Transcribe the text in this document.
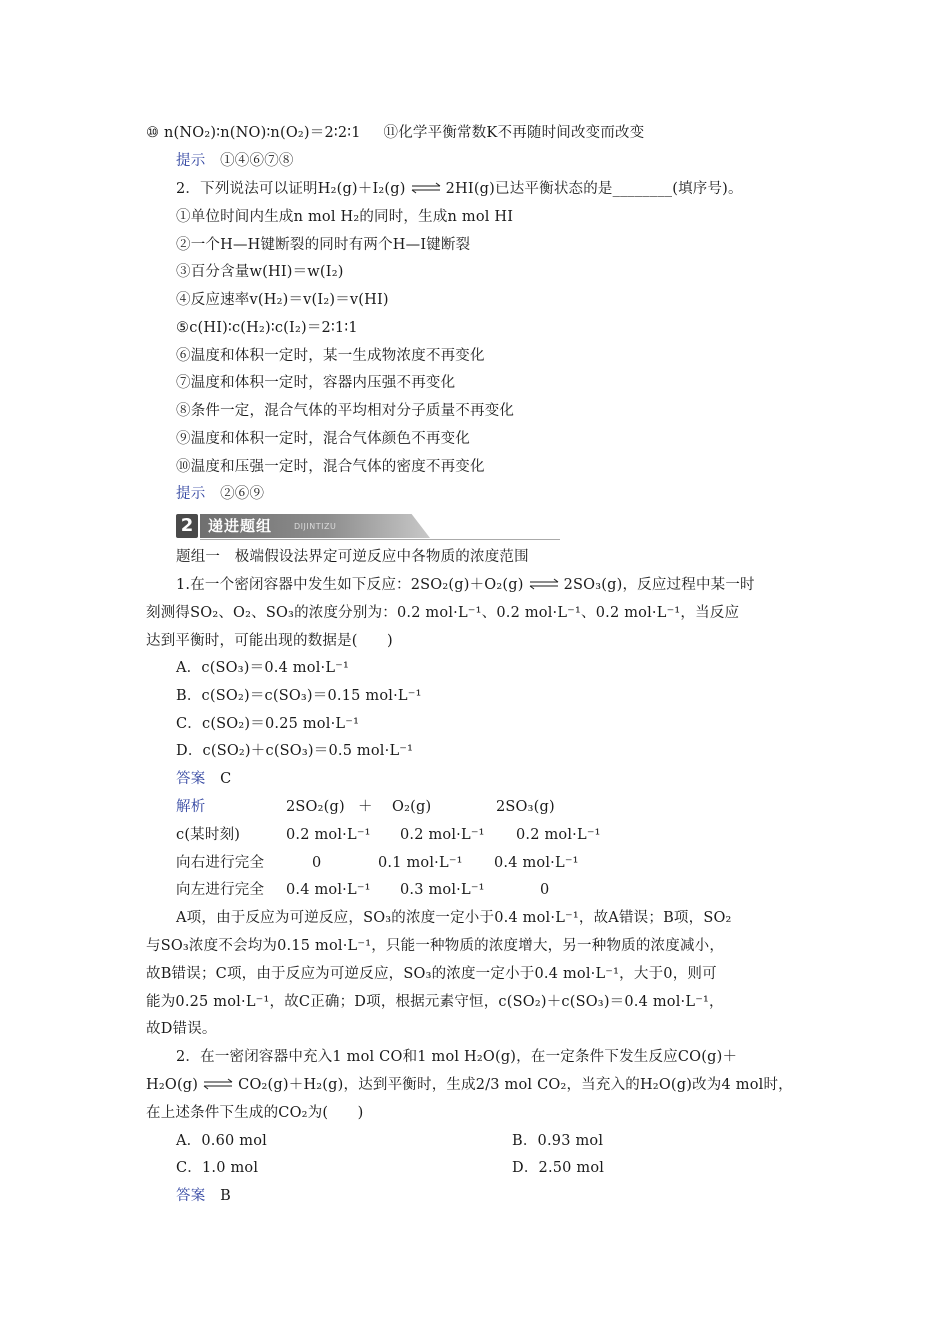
⑩ n(NO₂)∶n(NO)∶n(O₂)＝2∶2∶1 ⑪化学平衡常数K不再随时间改变而改变
提示　 ①④⑥⑦⑧
2．下列说法可以证明H₂(g)＋I₂(g)⇌2HI(g)已达平衡状态的是________(填序号)。
①单位时间内生成n mol H₂的同时，生成n mol HI
②一个H—H键断裂的同时有两个H—I键断裂
③百分含量w(HI)＝w(I₂)
④反应速率v(H₂)＝v(I₂)＝v(HI)
⑤c(HI)∶c(H₂)∶c(I₂)＝2∶1∶1
⑥温度和体积一定时，某一生成物浓度不再变化
⑦温度和体积一定时，容器内压强不再变化
⑧条件一定，混合气体的平均相对分子质量不再变化
⑨温度和体积一定时，混合气体颜色不再变化
⑩温度和压强一定时，混合气体的密度不再变化
提示　 ②⑥⑨
2 递进题组	DIJINTIZU
题组一　极端假设法界定可逆反应中各物质的浓度范围
1.在一个密闭容器中发生如下反应：2SO₂(g)＋O₂(g)⇌2SO₃(g)，反应过程中某一时
刻测得SO₂、O₂、SO₃的浓度分别为：0.2 mol·L⁻¹、0.2 mol·L⁻¹、0.2 mol·L⁻¹，当反应
达到平衡时，可能出现的数据是(　　)
A．c(SO₃)＝0.4 mol·L⁻¹
B．c(SO₂)＝c(SO₃)＝0.15 mol·L⁻¹
C．c(SO₂)＝0.25 mol·L⁻¹
D．c(SO₂)＋c(SO₃)＝0.5 mol·L⁻¹
答案　 C
解析	2SO₂(g) ＋ O₂(g)	2SO₃(g)
c(某时刻)	0.2 mol·L⁻¹ 0.2 mol·L⁻¹ 0.2 mol·L⁻¹
向右进行完全	0	0.1 mol·L⁻¹ 0.4 mol·L⁻¹
向左进行完全 0.4 mol·L⁻¹ 0.3 mol·L⁻¹	0
A项，由于反应为可逆反应，SO₃的浓度一定小于0.4 mol·L⁻¹，故A错误；B项，SO₂
与SO₃浓度不会均为0.15 mol·L⁻¹，只能一种物质的浓度增大，另一种物质的浓度减小，
故B错误；C项，由于反应为可逆反应，SO₃的浓度一定小于0.4 mol·L⁻¹，大于0，则可
能为0.25 mol·L⁻¹，故C正确；D项，根据元素守恒，c(SO₂)＋c(SO₃)＝0.4 mol·L⁻¹，
故D错误。
2．在一密闭容器中充入1 mol CO和1 mol H₂O(g)，在一定条件下发生反应CO(g)＋
H₂O(g)⇌CO₂(g)＋H₂(g)，达到平衡时，生成2/3 mol CO₂，当充入的H₂O(g)改为4 mol时，
在上述条件下生成的CO₂为(　　)
A．0.60 mol	B．0.93 mol
C．1.0 mol	D．2.50 mol
答案　 B
